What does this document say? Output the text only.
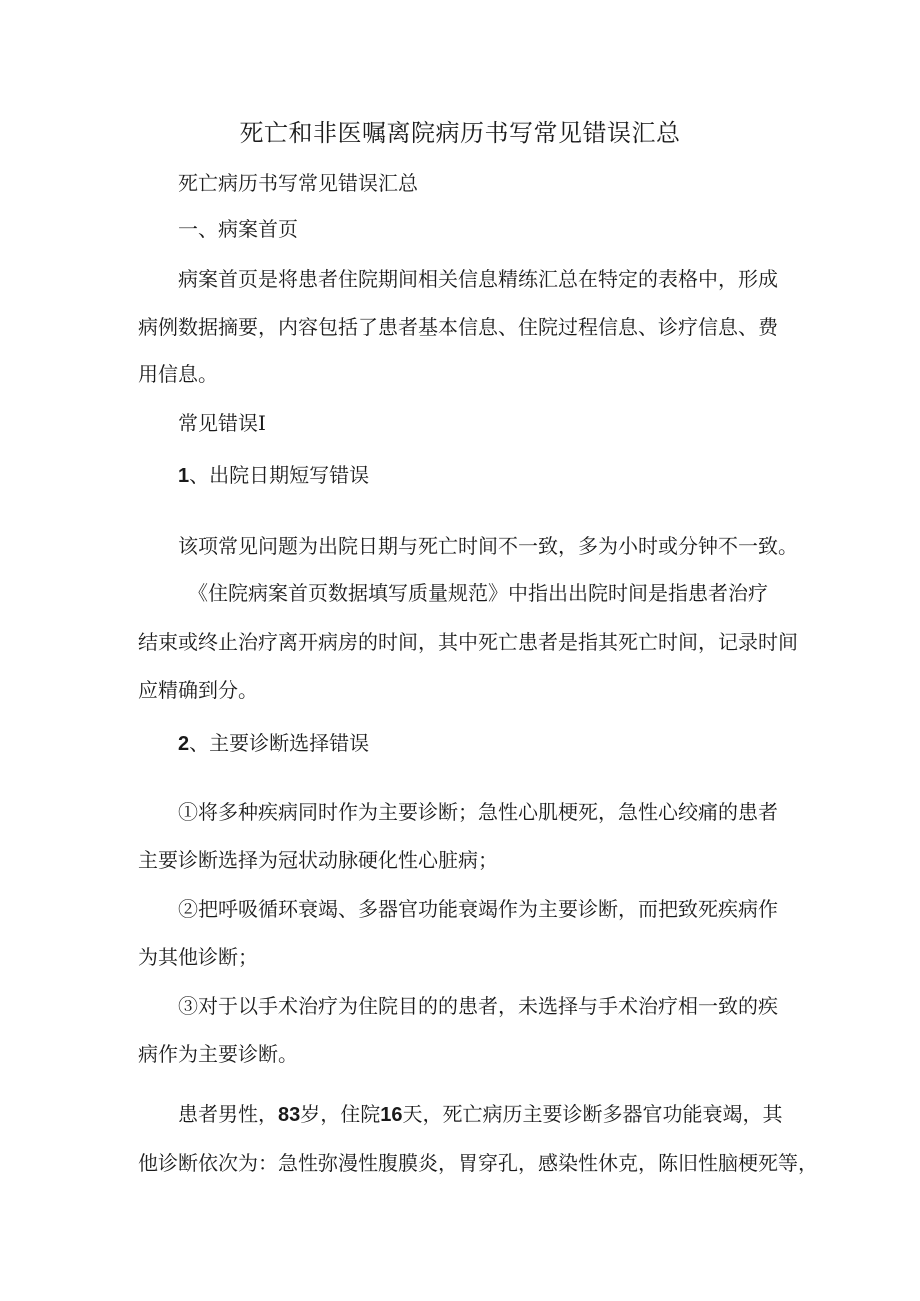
死亡和非医嘱离院病历书写常见错误汇总
死亡病历书写常见错误汇总
一、病案首页
病案首页是将患者住院期间相关信息精练汇总在特定的表格中，形成
病例数据摘要，内容包括了患者基本信息、住院过程信息、诊疗信息、费
用信息。
常见错误Ⅰ
1、出院日期短写错误
该项常见问题为出院日期与死亡时间不一致，多为小时或分钟不一致。
《住院病案首页数据填写质量规范》中指出出院时间是指患者治疗
结束或终止治疗离开病房的时间，其中死亡患者是指其死亡时间，记录时间
应精确到分。
2、主要诊断选择错误
①将多种疾病同时作为主要诊断；急性心肌梗死，急性心绞痛的患者
主要诊断选择为冠状动脉硬化性心脏病；
②把呼吸循环衰竭、多器官功能衰竭作为主要诊断，而把致死疾病作
为其他诊断；
③对于以手术治疗为住院目的的患者，未选择与手术治疗相一致的疾
病作为主要诊断。
患者男性，83岁，住院16天，死亡病历主要诊断多器官功能衰竭，其
他诊断依次为：急性弥漫性腹膜炎，胃穿孔，感染性休克，陈旧性脑梗死等，
